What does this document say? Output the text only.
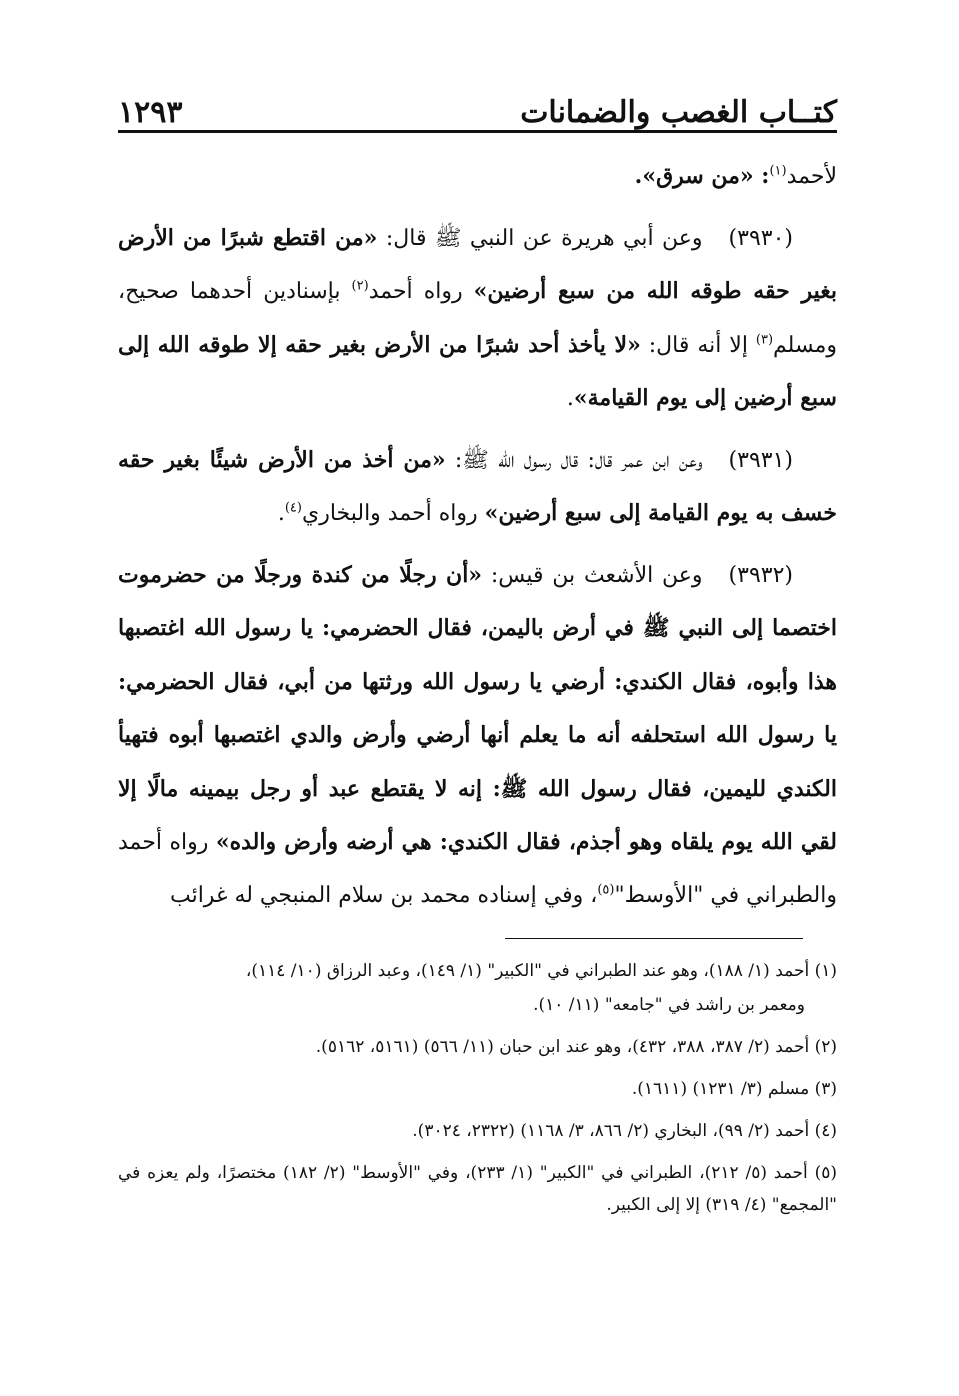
كتــاب الغصب والضمانات
١٢٩٣

لأحمد$^{(١)}$: «من سرق».

(٣٩٣٠)وعن أبي هريرة عن النبي ﷺ قال: «من اقتطع شبرًا من الأرض بغير حقه طوقه الله من سبع أرضين» رواه أحمد$^{(٢)}$ بإسنادين أحدهما صحيح، ومسلم$^{(٣)}$ إلا أنه قال: «لا يأخذ أحد شبرًا من الأرض بغير حقه إلا طوقه الله إلى سبع أرضين إلى يوم القيامة».

(٣٩٣١)وعن ابن عمر قال: قال رسول الله ﷺ: «من أخذ من الأرض شيئًا بغير حقه خسف به يوم القيامة إلى سبع أرضين» رواه أحمد والبخاري$^{(٤)}$.

(٣٩٣٢)وعن الأشعث بن قيس: «أن رجلًا من كندة ورجلًا من حضرموت اختصما إلى النبي ﷺ في أرض باليمن، فقال الحضرمي: يا رسول الله اغتصبها هذا وأبوه، فقال الكندي: أرضي يا رسول الله ورثتها من أبي، فقال الحضرمي: يا رسول الله استحلفه أنه ما يعلم أنها أرضي وأرض والدي اغتصبها أبوه فتهيأ الكندي لليمين، فقال رسول الله ﷺ: إنه لا يقتطع عبد أو رجل بيمينه مالًا إلا لقي الله يوم يلقاه وهو أجذم، فقال الكندي: هي أرضه وأرض والده» رواه أحمد والطبراني في "الأوسط"$^{(٥)}$، وفي إسناده محمد بن سلام المنبجي له غرائب

(١) أحمد (١/ ١٨٨)، وهو عند الطبراني في "الكبير" (١/ ١٤٩)، وعبد الرزاق (١٠/ ١١٤)،

ومعمر بن راشد في "جامعه" (١١/ ١٠).

(٢) أحمد (٢/ ٣٨٧، ٣٨٨، ٤٣٢)، وهو عند ابن حبان (١١/ ٥٦٦) (٥١٦١، ٥١٦٢).

(٣) مسلم (٣/ ١٢٣١) (١٦١١).

(٤) أحمد (٢/ ٩٩)، البخاري (٢/ ٨٦٦، ٣/ ١١٦٨) (٢٣٢٢، ٣٠٢٤).

(٥) أحمد (٥/ ٢١٢)، الطبراني في "الكبير" (١/ ٢٣٣)، وفي "الأوسط" (٢/ ١٨٢) مختصرًا، ولم يعزه في "المجمع" (٤/ ٣١٩) إلا إلى الكبير.
